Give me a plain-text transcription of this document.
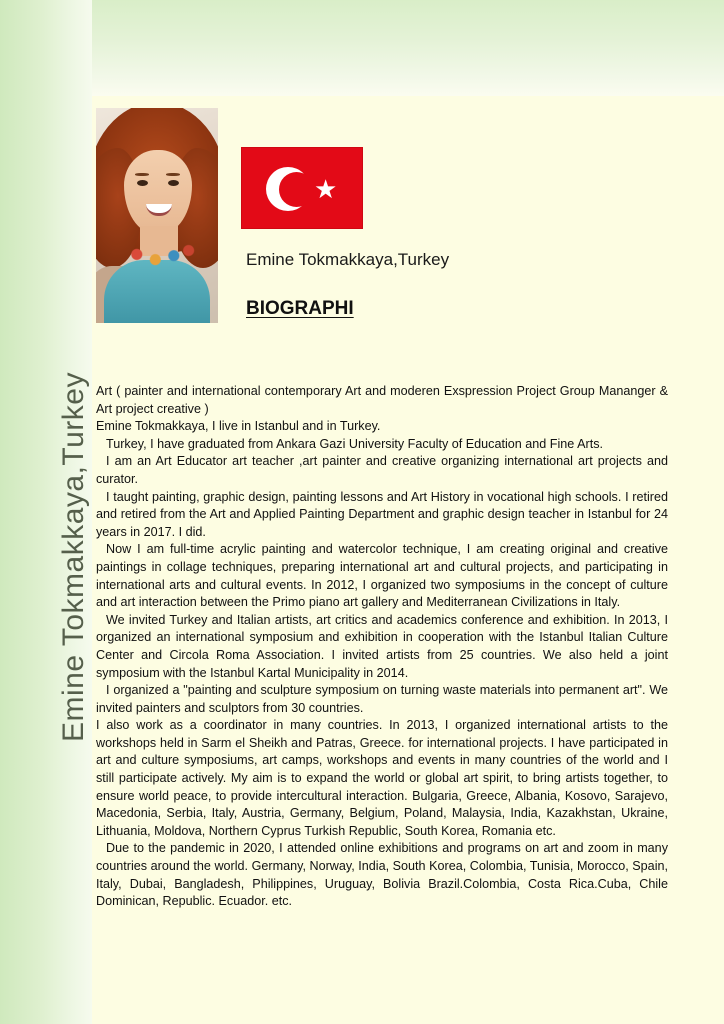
Emine Tokmakkaya,Turkey
★
Emine Tokmakkaya,Turkey
BIOGRAPHI

Art ( painter and international contemporary Art and moderen Exspression Project Group Mananger & Art project creative )

Emine Tokmakkaya, I live in Istanbul and in Turkey.

Turkey, I have graduated from Ankara Gazi University Faculty of Education and Fine Arts.

I am an Art Educator art teacher ,art painter and creative organizing international art projects and curator.

I taught painting, graphic design, painting lessons and Art History in vocational high schools. I retired and retired from the Art and Applied Painting Department and graphic design teacher in Istanbul for 24 years in 2017. I did.

Now I am full-time acrylic painting and watercolor technique, I am creating original and creative paintings in collage techniques, preparing international art and cultural projects, and participating in international arts and cultural events. In 2012, I organized two symposiums in the concept of culture and art interaction between the Primo piano art gallery and Mediterranean Civilizations in Italy.

We invited Turkey and Italian artists, art critics and academics conference and exhibition. In 2013, I organized an international symposium and exhibition in cooperation with the Istanbul Italian Culture Center and Circola Roma Association. I invited artists from 25 countries. We also held a joint symposium with the Istanbul Kartal Municipality in 2014.

I organized a "painting and sculpture symposium on turning waste materials into permanent art". We invited painters and sculptors from 30 countries.

I also work as a coordinator in many countries. In 2013, I organized international artists to the workshops held in Sarm el Sheikh and Patras, Greece. for international projects. I have participated in art and culture symposiums, art camps, workshops and events in many countries of the world and I still participate actively. My aim is to expand the world or global art spirit, to bring artists together, to ensure world peace, to provide intercultural interaction. Bulgaria, Greece, Albania, Kosovo, Sarajevo, Macedonia, Serbia, Italy, Austria, Germany, Belgium, Poland, Malaysia, India, Kazakhstan, Ukraine, Lithuania, Moldova, Northern Cyprus Turkish Republic, South Korea, Romania etc.

Due to the pandemic in 2020, I attended online exhibitions and programs on art and zoom in many countries around the world. Germany, Norway, India, South Korea, Colombia, Tunisia, Morocco, Spain, Italy, Dubai, Bangladesh, Philippines, Uruguay, Bolivia Brazil.Colombia, Costa Rica.Cuba, Chile Dominican, Republic. Ecuador. etc.
